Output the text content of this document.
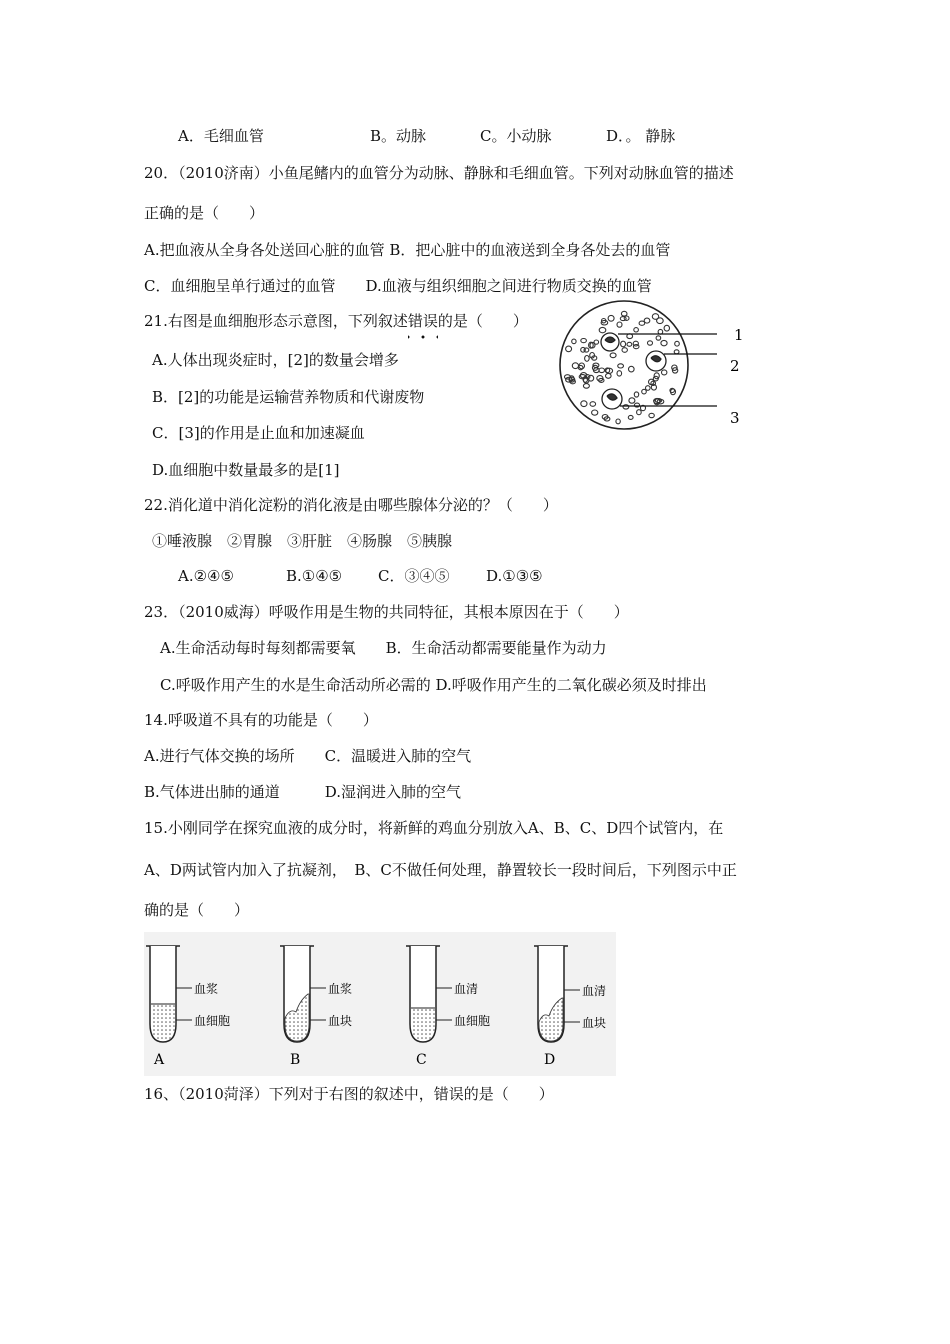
A．毛细血管	B。动脉	C。小动脉	D．。 静脉
20．（2010济南）小鱼尾鳍内的血管分为动脉、静脉和毛细血管。下列对动脉血管的描述
正确的是（　　）
A.把血液从全身各处送回心脏的血管 B．把心脏中的血液送到全身各处去的血管
C．血细胞呈单行通过的血管　　D.血液与组织细胞之间进行物质交换的血管
21.右图是血细胞形态示意图，下列叙述错误的是（　　）
A.人体出现炎症时，[2]的数量会增多
B．[2]的功能是运输营养物质和代谢废物
C．[3]的作用是止血和加速凝血
D.血细胞中数量最多的是[1]
1
2
3
22.消化道中消化淀粉的消化液是由哪些腺体分泌的？（　　）
①唾液腺　②胃腺　③肝脏　④肠腺　⑤胰腺
A.②④⑤	B.①④⑤ C．③④⑤ D.①③⑤
23．（2010威海）呼吸作用是生物的共同特征，其根本原因在于（　　）
A.生命活动每时每刻都需要氧　　B．生命活动都需要能量作为动力
C.呼吸作用产生的水是生命活动所必需的 D.呼吸作用产生的二氧化碳必须及时排出
14.呼吸道不具有的功能是（　　）
A.进行气体交换的场所　　C．温暖进入肺的空气
B.气体进出肺的通道　　　D.湿润进入肺的空气
15.小刚同学在探究血液的成分时，将新鲜的鸡血分别放入A、B、C、D四个试管内，在
A、D两试管内加入了抗凝剂，　B、C不做任何处理，静置较长一段时间后，下列图示中正
确的是（　　）
血浆
血细胞
A
血浆
血块
B
血清
血细胞
C
血清
血块
D
16、（2010菏泽）下列对于右图的叙述中，错误的是（　　）
